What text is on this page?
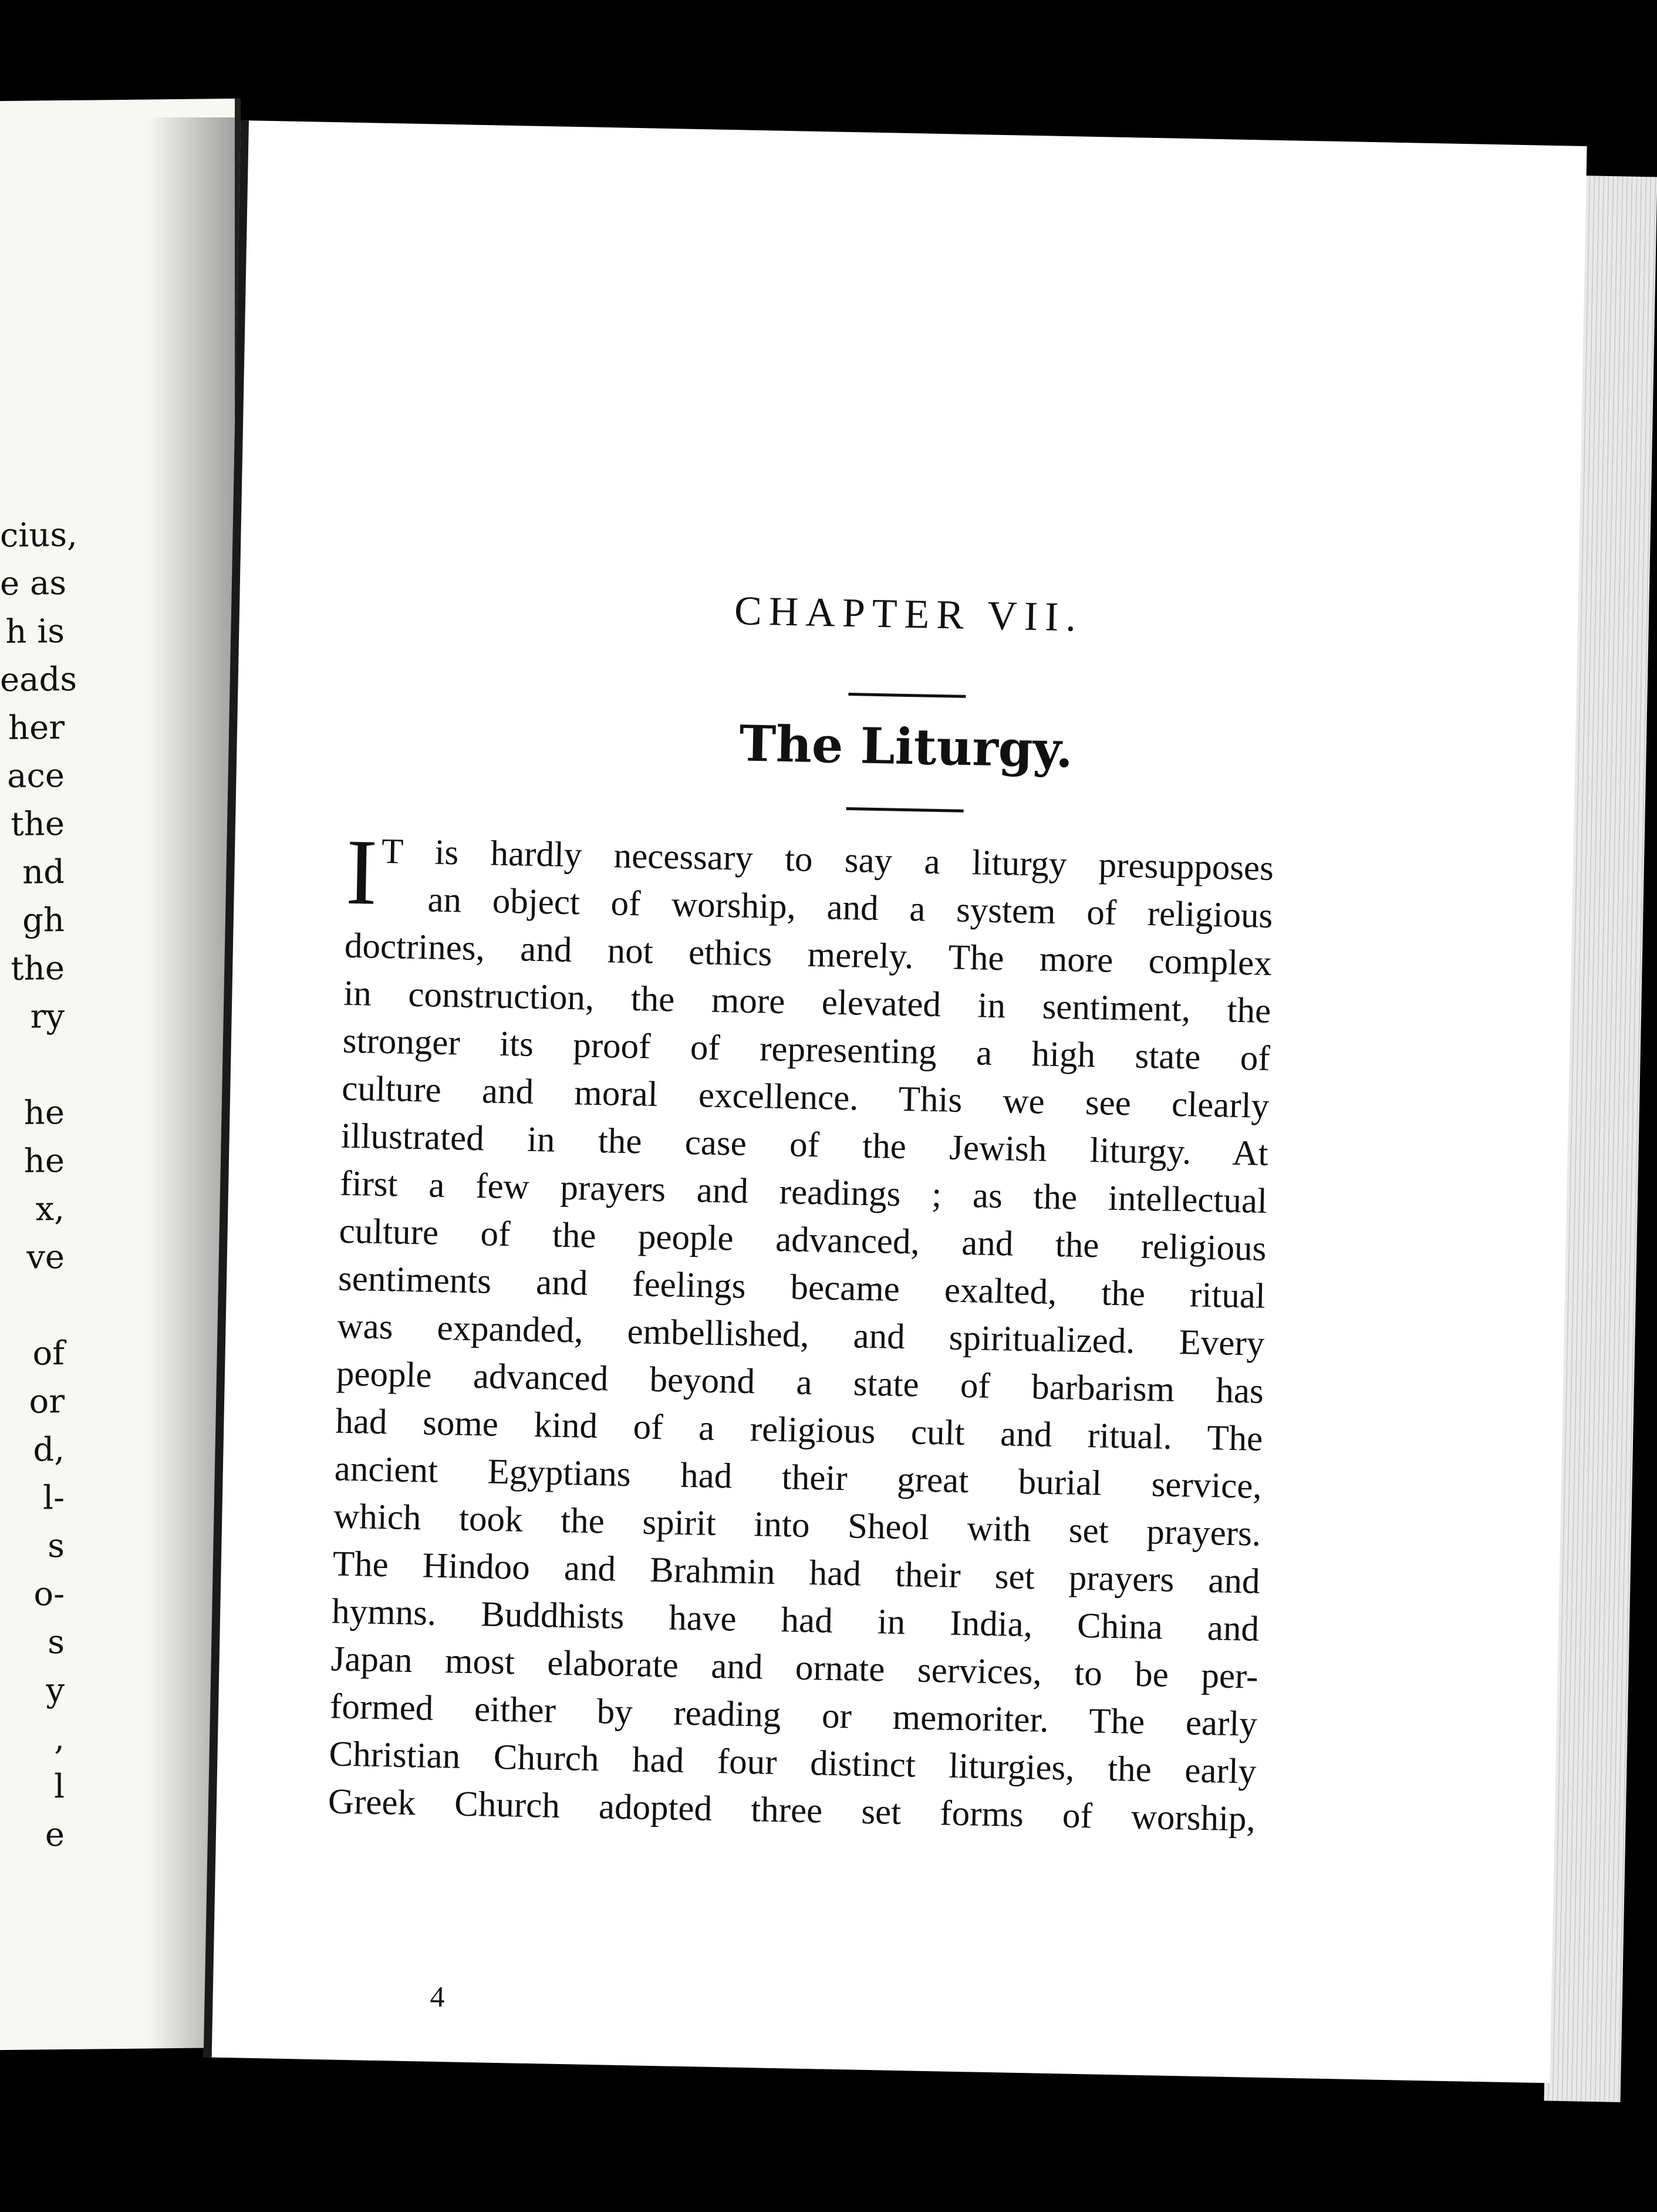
cius,
e as
h is
eads
her
ace
the
nd
gh
the
ry
he
he
x,
ve
of
or
d,
l-
s
o-
s
y
,
l
e
CHAPTER VII.
The Liturgy.
I T is hardly necessary to say a liturgy presupposes
an object of worship, and a system of religious
doctrines, and not ethics merely. The more complex
in construction, the more elevated in sentiment, the
stronger its proof of representing a high state of
culture and moral excellence. This we see clearly
illustrated in the case of the Jewish liturgy. At
first a few prayers and readings ; as the intellectual
culture of the people advanced, and the religious
sentiments and feelings became exalted, the ritual
was expanded, embellished, and spiritualized. Every
people advanced beyond a state of barbarism has
had some kind of a religious cult and ritual. The
ancient Egyptians had their great burial service,
which took the spirit into Sheol with set prayers.
The Hindoo and Brahmin had their set prayers and
hymns. Buddhists have had in India, China and
Japan most elaborate and ornate services, to be per-
formed either by reading or memoriter. The early
Christian Church had four distinct liturgies, the early
Greek Church adopted three set forms of worship,
4
